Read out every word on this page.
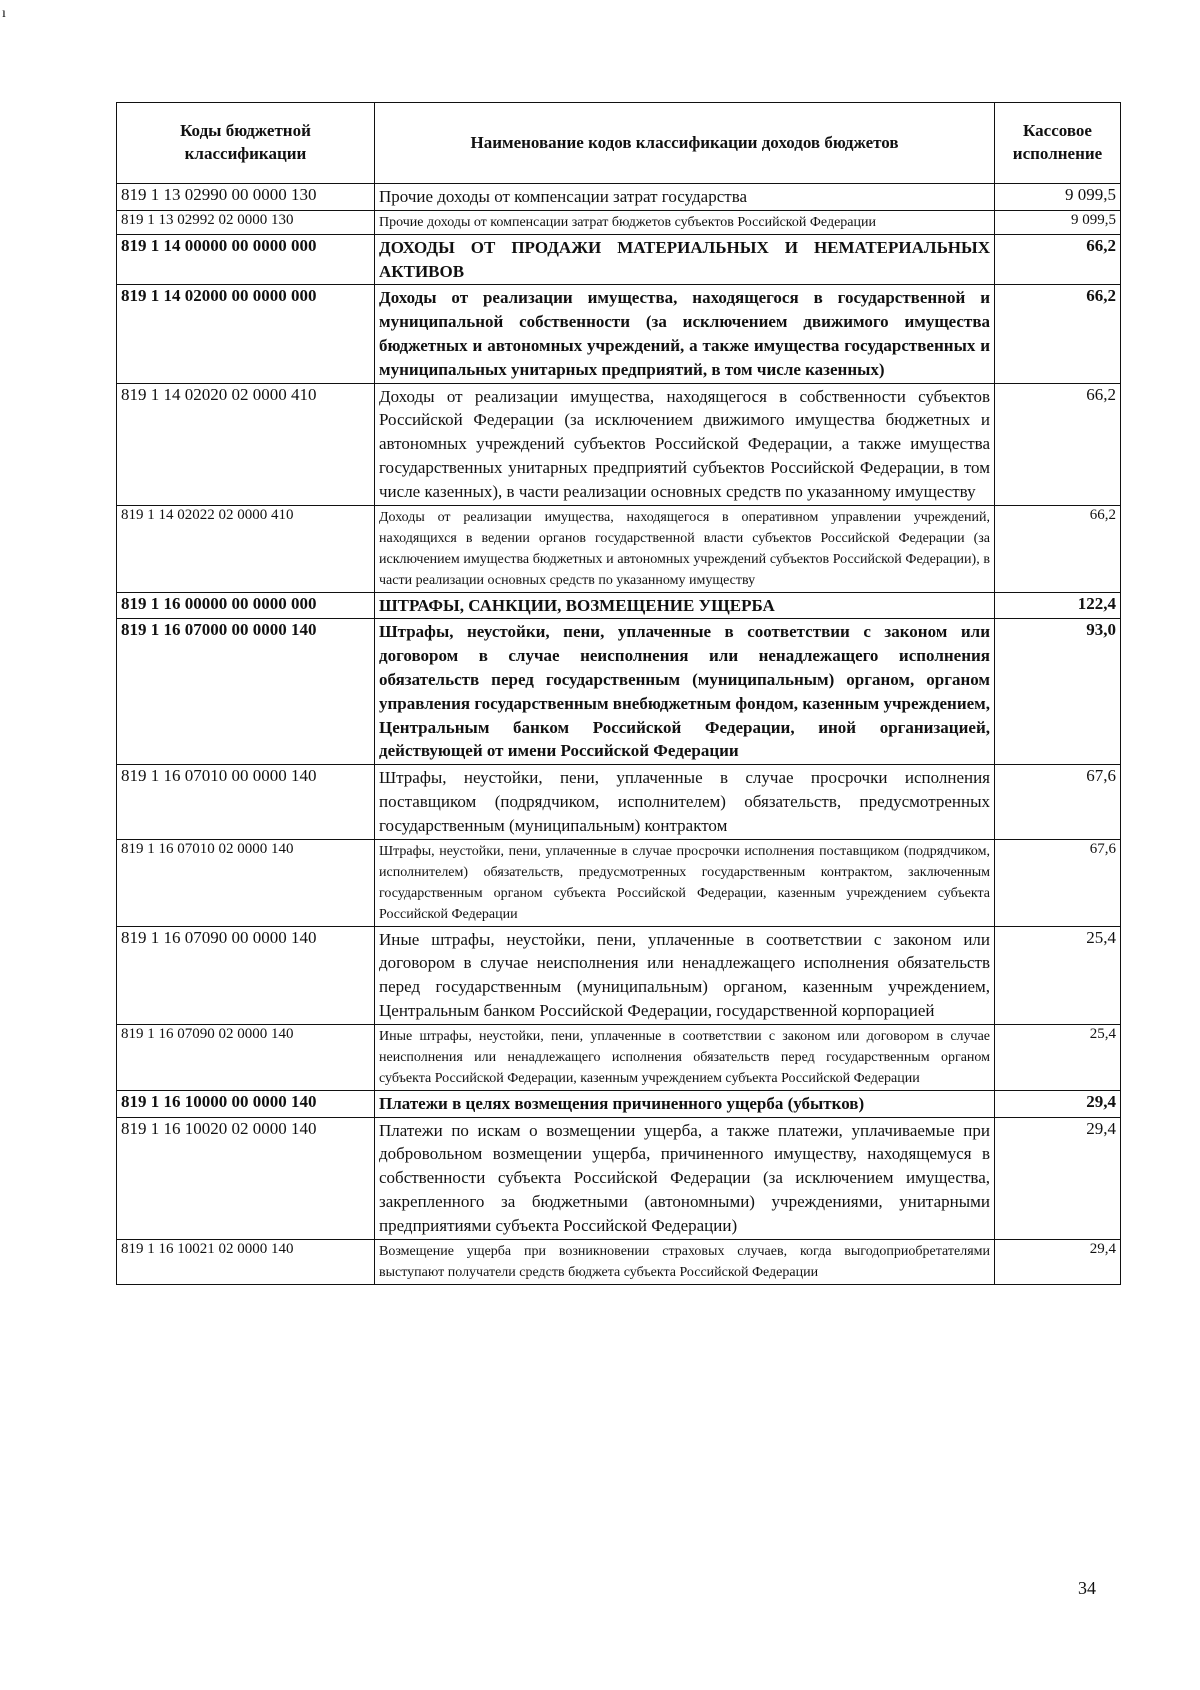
ı
Коды бюджетной классификации	Наименование кодов классификации доходов бюджетов	Кассовое исполнение
819 1 13 02990 00 0000 130	Прочие доходы от компенсации затрат государства	9 099,5
819 1 13 02992 02 0000 130	Прочие доходы от компенсации затрат бюджетов субъектов Российской Федерации	9 099,5
819 1 14 00000 00 0000 000	ДОХОДЫ ОТ ПРОДАЖИ МАТЕРИАЛЬНЫХ И НЕМАТЕРИАЛЬНЫХ АКТИВОВ	66,2
819 1 14 02000 00 0000 000	Доходы от реализации имущества, находящегося в государственной и муниципальной собственности (за исключением движимого имущества бюджетных и автономных учреждений, а также имущества государственных и муниципальных унитарных предприятий, в том числе казенных)	66,2
819 1 14 02020 02 0000 410	Доходы от реализации имущества, находящегося в собственности субъектов Российской Федерации (за исключением движимого имущества бюджетных и автономных учреждений субъектов Российской Федерации, а также имущества государственных унитарных предприятий субъектов Российской Федерации, в том числе казенных), в части реализации основных средств по указанному имуществу	66,2
819 1 14 02022 02 0000 410	Доходы от реализации имущества, находящегося в оперативном управлении учреждений, находящихся в ведении органов государственной власти субъектов Российской Федерации (за исключением имущества бюджетных и автономных учреждений субъектов Российской Федерации), в части реализации основных средств по указанному имуществу	66,2
819 1 16 00000 00 0000 000	ШТРАФЫ, САНКЦИИ, ВОЗМЕЩЕНИЕ УЩЕРБА	122,4
819 1 16 07000 00 0000 140	Штрафы, неустойки, пени, уплаченные в соответствии с законом или договором в случае неисполнения или ненадлежащего исполнения обязательств перед государственным (муниципальным) органом, органом управления государственным внебюджетным фондом, казенным учреждением, Центральным банком Российской Федерации, иной организацией, действующей от имени Российской Федерации	93,0
819 1 16 07010 00 0000 140	Штрафы, неустойки, пени, уплаченные в случае просрочки исполнения поставщиком (подрядчиком, исполнителем) обязательств, предусмотренных государственным (муниципальным) контрактом	67,6
819 1 16 07010 02 0000 140	Штрафы, неустойки, пени, уплаченные в случае просрочки исполнения поставщиком (подрядчиком, исполнителем) обязательств, предусмотренных государственным контрактом, заключенным государственным органом субъекта Российской Федерации, казенным учреждением субъекта Российской Федерации	67,6
819 1 16 07090 00 0000 140	Иные штрафы, неустойки, пени, уплаченные в соответствии с законом или договором в случае неисполнения или ненадлежащего исполнения обязательств перед государственным (муниципальным) органом, казенным учреждением, Центральным банком Российской Федерации, государственной корпорацией	25,4
819 1 16 07090 02 0000 140	Иные штрафы, неустойки, пени, уплаченные в соответствии с законом или договором в случае неисполнения или ненадлежащего исполнения обязательств перед государственным органом субъекта Российской Федерации, казенным учреждением субъекта Российской Федерации	25,4
819 1 16 10000 00 0000 140	Платежи в целях возмещения причиненного ущерба (убытков)	29,4
819 1 16 10020 02 0000 140	Платежи по искам о возмещении ущерба, а также платежи, уплачиваемые при добровольном возмещении ущерба, причиненного имуществу, находящемуся в собственности субъекта Российской Федерации (за исключением имущества, закрепленного за бюджетными (автономными) учреждениями, унитарными предприятиями субъекта Российской Федерации)	29,4
819 1 16 10021 02 0000 140	Возмещение ущерба при возникновении страховых случаев, когда выгодоприобретателями выступают получатели средств бюджета субъекта Российской Федерации	29,4
34
